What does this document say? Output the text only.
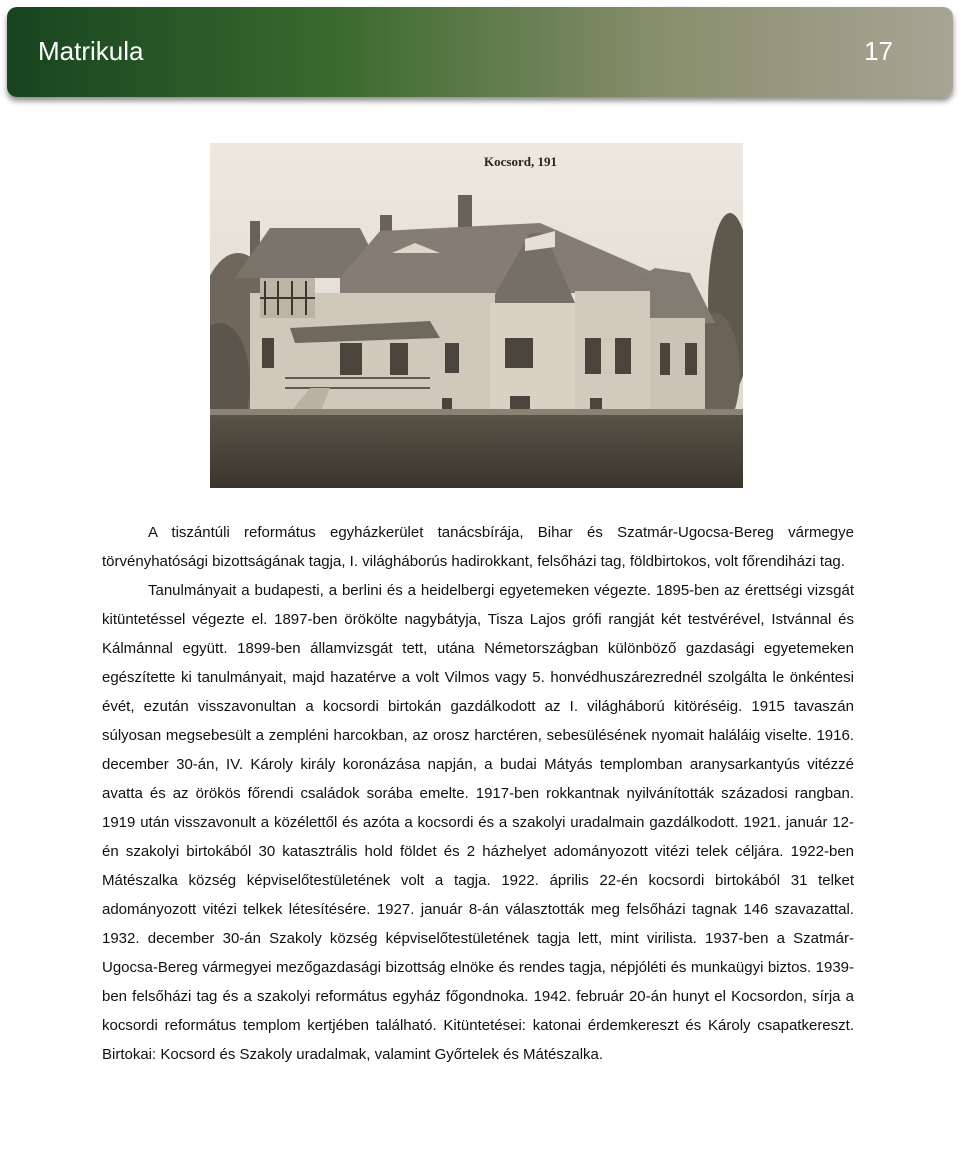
Matrikula	17
Kocsord, 191

A tiszántúli református egyházkerület tanácsbírája, Bihar és Szatmár-Ugocsa-Bereg vármegye törvényhatósági bizottságának tagja, I. világháborús hadirokkant, felsőházi tag, földbirtokos, volt főrendiházi tag.

Tanulmányait a budapesti, a berlini és a heidelbergi egyetemeken végezte. 1895-ben az érettségi vizsgát kitüntetéssel végezte el. 1897-ben örökölte nagybátyja, Tisza Lajos grófi rangját két testvérével, Istvánnal és Kálmánnal együtt. 1899-ben államvizsgát tett, utána Németországban különböző gazdasági egyetemeken egészítette ki tanulmányait, majd hazatérve a volt Vilmos vagy 5. honvédhuszárezrednél szolgálta le önkéntesi évét, ezután visszavonultan a kocsordi birtokán gazdálkodott az I. világháború kitöréséig. 1915 tavaszán súlyosan megsebesült a zempléni harcokban, az orosz harctéren, sebesülésének nyomait haláláig viselte. 1916. december 30-án, IV. Károly király koronázása napján, a budai Mátyás templomban aranysarkantyús vitézzé avatta és az örökös főrendi családok sorába emelte. 1917-ben rokkantnak nyilvánították századosi rangban. 1919 után visszavonult a közélettől és azóta a kocsordi és a szakolyi uradalmain gazdálkodott. 1921. január 12-én szakolyi birtokából 30 katasztrális hold földet és 2 házhelyet adományozott vitézi telek céljára. 1922-ben Mátészalka község képviselőtestületének volt a tagja. 1922. április 22-én kocsordi birtokából 31 telket adományozott vitézi telkek létesítésére. 1927. január 8-án választották meg felsőházi tagnak 146 szavazattal. 1932. december 30-án Szakoly község képviselőtestületének tagja lett, mint virilista. 1937-ben a Szatmár-Ugocsa-Bereg vármegyei mezőgazdasági bizottság elnöke és rendes tagja, népjóléti és munkaügyi biztos. 1939-ben felsőházi tag és a szakolyi református egyház főgondnoka. 1942. február 20-án hunyt el Kocsordon, sírja a kocsordi református templom kertjében található. Kitüntetései: katonai érdemkereszt és Károly csapatkereszt. Birtokai: Kocsord és Szakoly uradalmak, valamint Győrtelek és Mátészalka.
